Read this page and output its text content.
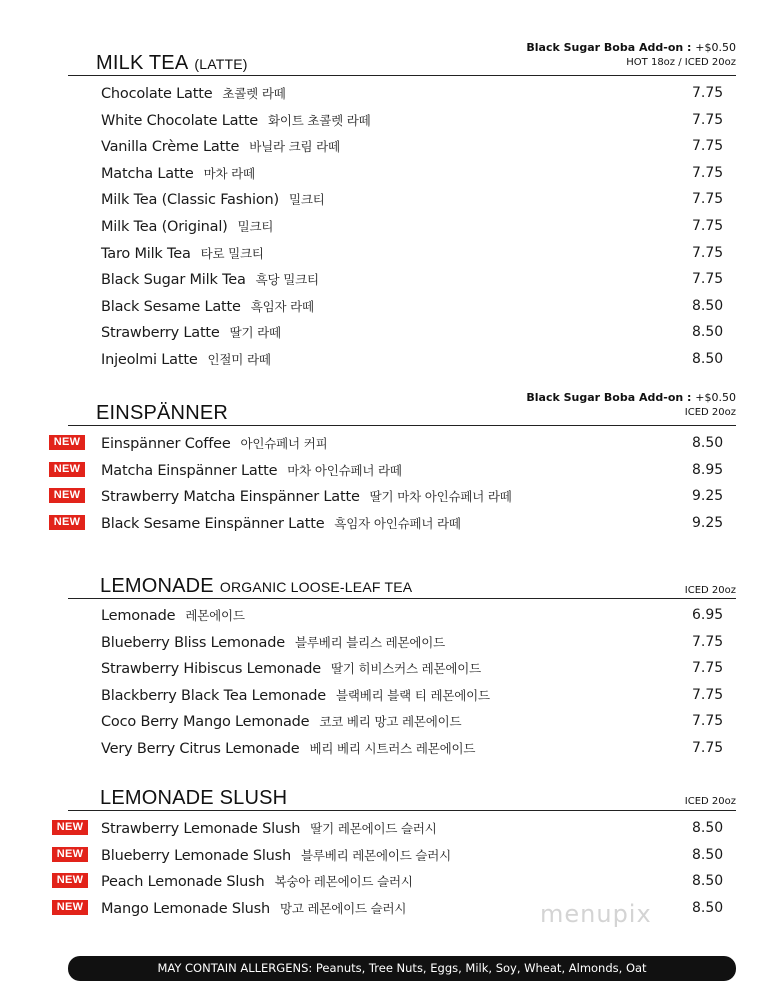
Black Sugar Boba Add-on : +$0.50
HOT 18oz / ICED 20oz
MILK TEA (LATTE)
Chocolate Latte 초콜렛 라떼	7.75
White Chocolate Latte 화이트 초콜렛 라떼	7.75
Vanilla Crème Latte 바닐라 크림 라떼	7.75
Matcha Latte 마차 라떼	7.75
Milk Tea (Classic Fashion) 밀크티	7.75
Milk Tea (Original) 밀크티	7.75
Taro Milk Tea 타로 밀크티	7.75
Black Sugar Milk Tea 흑당 밀크티	7.75
Black Sesame Latte 흑임자 라떼	8.50
Strawberry Latte 딸기 라떼	8.50
Injeolmi Latte 인절미 라떼	8.50
Black Sugar Boba Add-on : +$0.50
ICED 20oz
EINSPÄNNER
NEW	Einspänner Coffee 아인슈페너 커피	8.50
NEW	Matcha Einspänner Latte 마차 아인슈페너 라떼	8.95
NEW	Strawberry Matcha Einspänner Latte 딸기 마차 아인슈페너 라떼	9.25
NEW	Black Sesame Einspänner Latte 흑임자 아인슈페너 라떼	9.25
ICED 20oz
LEMONADE ORGANIC LOOSE-LEAF TEA
Lemonade 레몬에이드	6.95
Blueberry Bliss Lemonade 블루베리 블리스 레몬에이드	7.75
Strawberry Hibiscus Lemonade 딸기 히비스커스 레몬에이드	7.75
Blackberry Black Tea Lemonade 블랙베리 블랙 티 레몬에이드	7.75
Coco Berry Mango Lemonade 코코 베리 망고 레몬에이드	7.75
Very Berry Citrus Lemonade 베리 베리 시트러스 레몬에이드	7.75
ICED 20oz
LEMONADE SLUSH
NEW	Strawberry Lemonade Slush 딸기 레몬에이드 슬러시	8.50
NEW	Blueberry Lemonade Slush 블루베리 레몬에이드 슬러시	8.50
NEW	Peach Lemonade Slush 복숭아 레몬에이드 슬러시	8.50
NEW	Mango Lemonade Slush 망고 레몬에이드 슬러시	8.50
menupix
MAY CONTAIN ALLERGENS: Peanuts, Tree Nuts, Eggs, Milk, Soy, Wheat, Almonds, Oat
